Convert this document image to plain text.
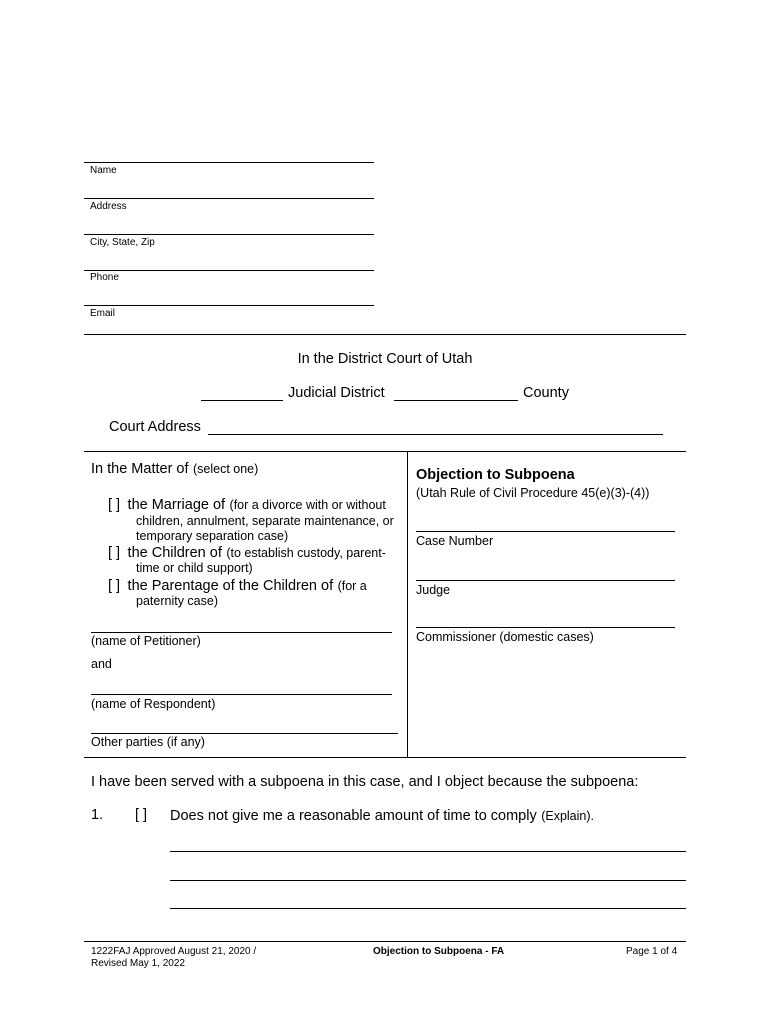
Name
Address
City, State, Zip
Phone
Email
In the District Court of Utah
Judicial District	County
Court Address
In the Matter of (select one)
[ ] the Marriage of (for a divorce with or without
children, annulment, separate maintenance, or
temporary separation case)
[ ] the Children of (to establish custody, parent-
time or child support)
[ ] the Parentage of the Children of (for a
paternity case)
(name of Petitioner)
and
(name of Respondent)
Other parties (if any)
Objection to Subpoena
(Utah Rule of Civil Procedure 45(e)(3)-(4))
Case Number
Judge
Commissioner (domestic cases)
I have been served with a subpoena in this case, and I object because the subpoena:
1. [ ] Does not give me a reasonable amount of time to comply (Explain).
1222FAJ Approved August 21, 2020 /
Revised May 1, 2022
Objection to Subpoena - FA	Page 1 of 4
